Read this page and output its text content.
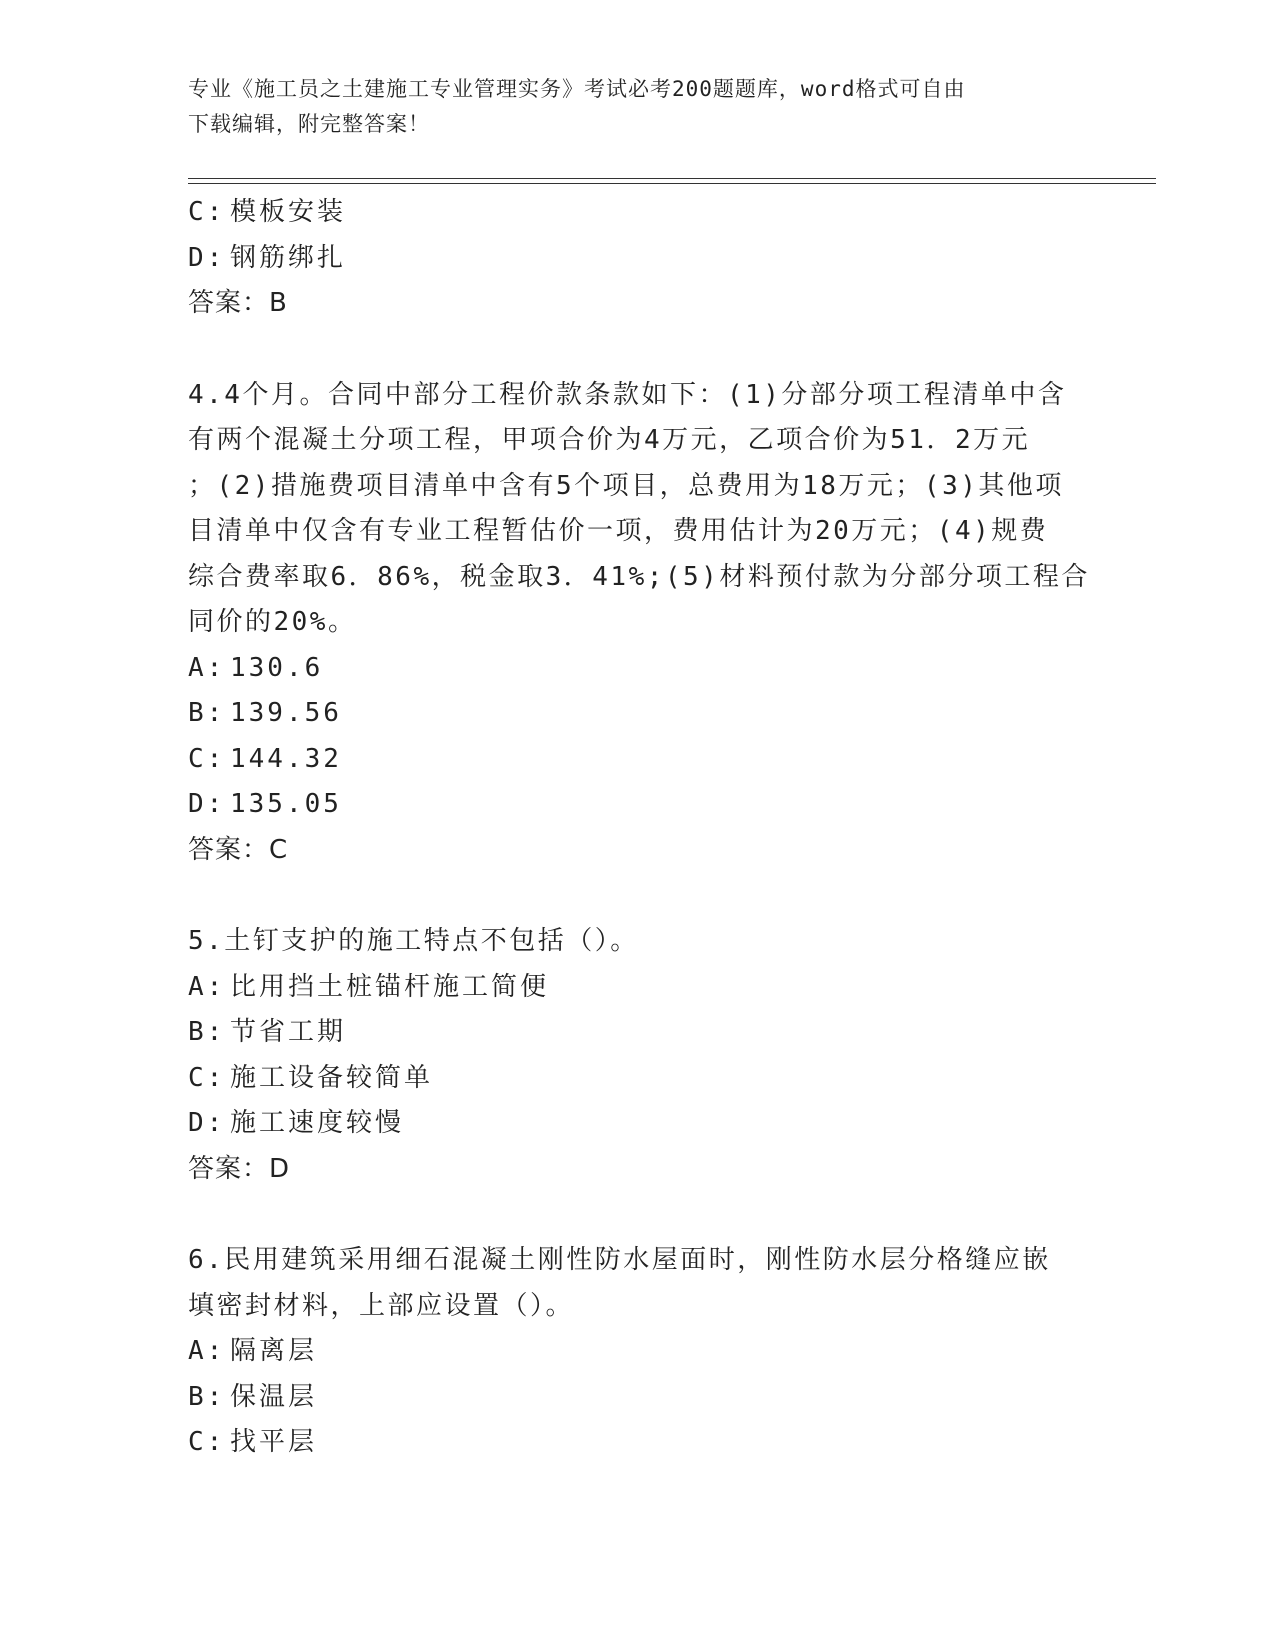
专业《施工员之土建施工专业管理实务》考试必考200题题库，word格式可自由
下载编辑，附完整答案！
C: 模板安装
D: 钢筋绑扎
答案：B
4.4个月。合同中部分工程价款条款如下：(1)分部分项工程清单中含
有两个混凝土分项工程，甲项合价为4万元，乙项合价为51．2万元
；(2)措施费项目清单中含有5个项目，总费用为18万元；(3)其他项
目清单中仅含有专业工程暂估价一项，费用估计为20万元；(4)规费
综合费率取6．86%，税金取3．41%;(5)材料预付款为分部分项工程合
同价的20%。
A: 130.6
B: 139.56
C: 144.32
D: 135.05
答案：C
5.土钉支护的施工特点不包括（）。
A: 比用挡土桩锚杆施工简便
B: 节省工期
C: 施工设备较简单
D: 施工速度较慢
答案：D
6.民用建筑采用细石混凝土刚性防水屋面时，刚性防水层分格缝应嵌
填密封材料，上部应设置（）。
A: 隔离层
B: 保温层
C: 找平层
